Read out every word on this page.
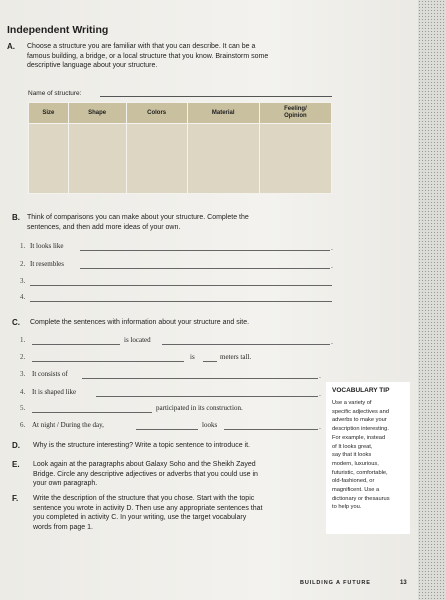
Independent Writing
A. Choose a structure you are familiar with that you can describe. It can be a
famous building, a bridge, or a local structure that you know. Brainstorm some
descriptive language about your structure.
Name of structure:
Size	Shape	Colors	Material	Feeling/
Opinion

B. Think of comparisons you can make about your structure. Complete the
sentences, and then add more ideas of your own.
1. It looks like	.
2. It resembles	.
3.
4.
C. Complete the sentences with information about your structure and site.
1.	is located	.
2.	is	meters tall.
3. It consists of	.
4. It is shaped like	.
5.	participated in its construction.
6. At night / During the day,	looks	.
D. Why is the structure interesting? Write a topic sentence to introduce it.
E. Look again at the paragraphs about Galaxy Soho and the Sheikh Zayed
Bridge. Circle any descriptive adjectives or adverbs that you could use in
your own paragraph.
F. Write the description of the structure that you chose. Start with the topic
sentence you wrote in activity D. Then use any appropriate sentences that
you completed in activity C. In your writing, use the target vocabulary
words from page 1.
VOCABULARY TIP
Use a variety of
specific adjectives and
adverbs to make your
description interesting.
For example, instead
of It looks great,
say that it looks
modern, luxurious,
futuristic, comfortable,
old-fashioned, or
magnificent. Use a
dictionary or thesaurus
to help you.
BUILDING A FUTURE	13
